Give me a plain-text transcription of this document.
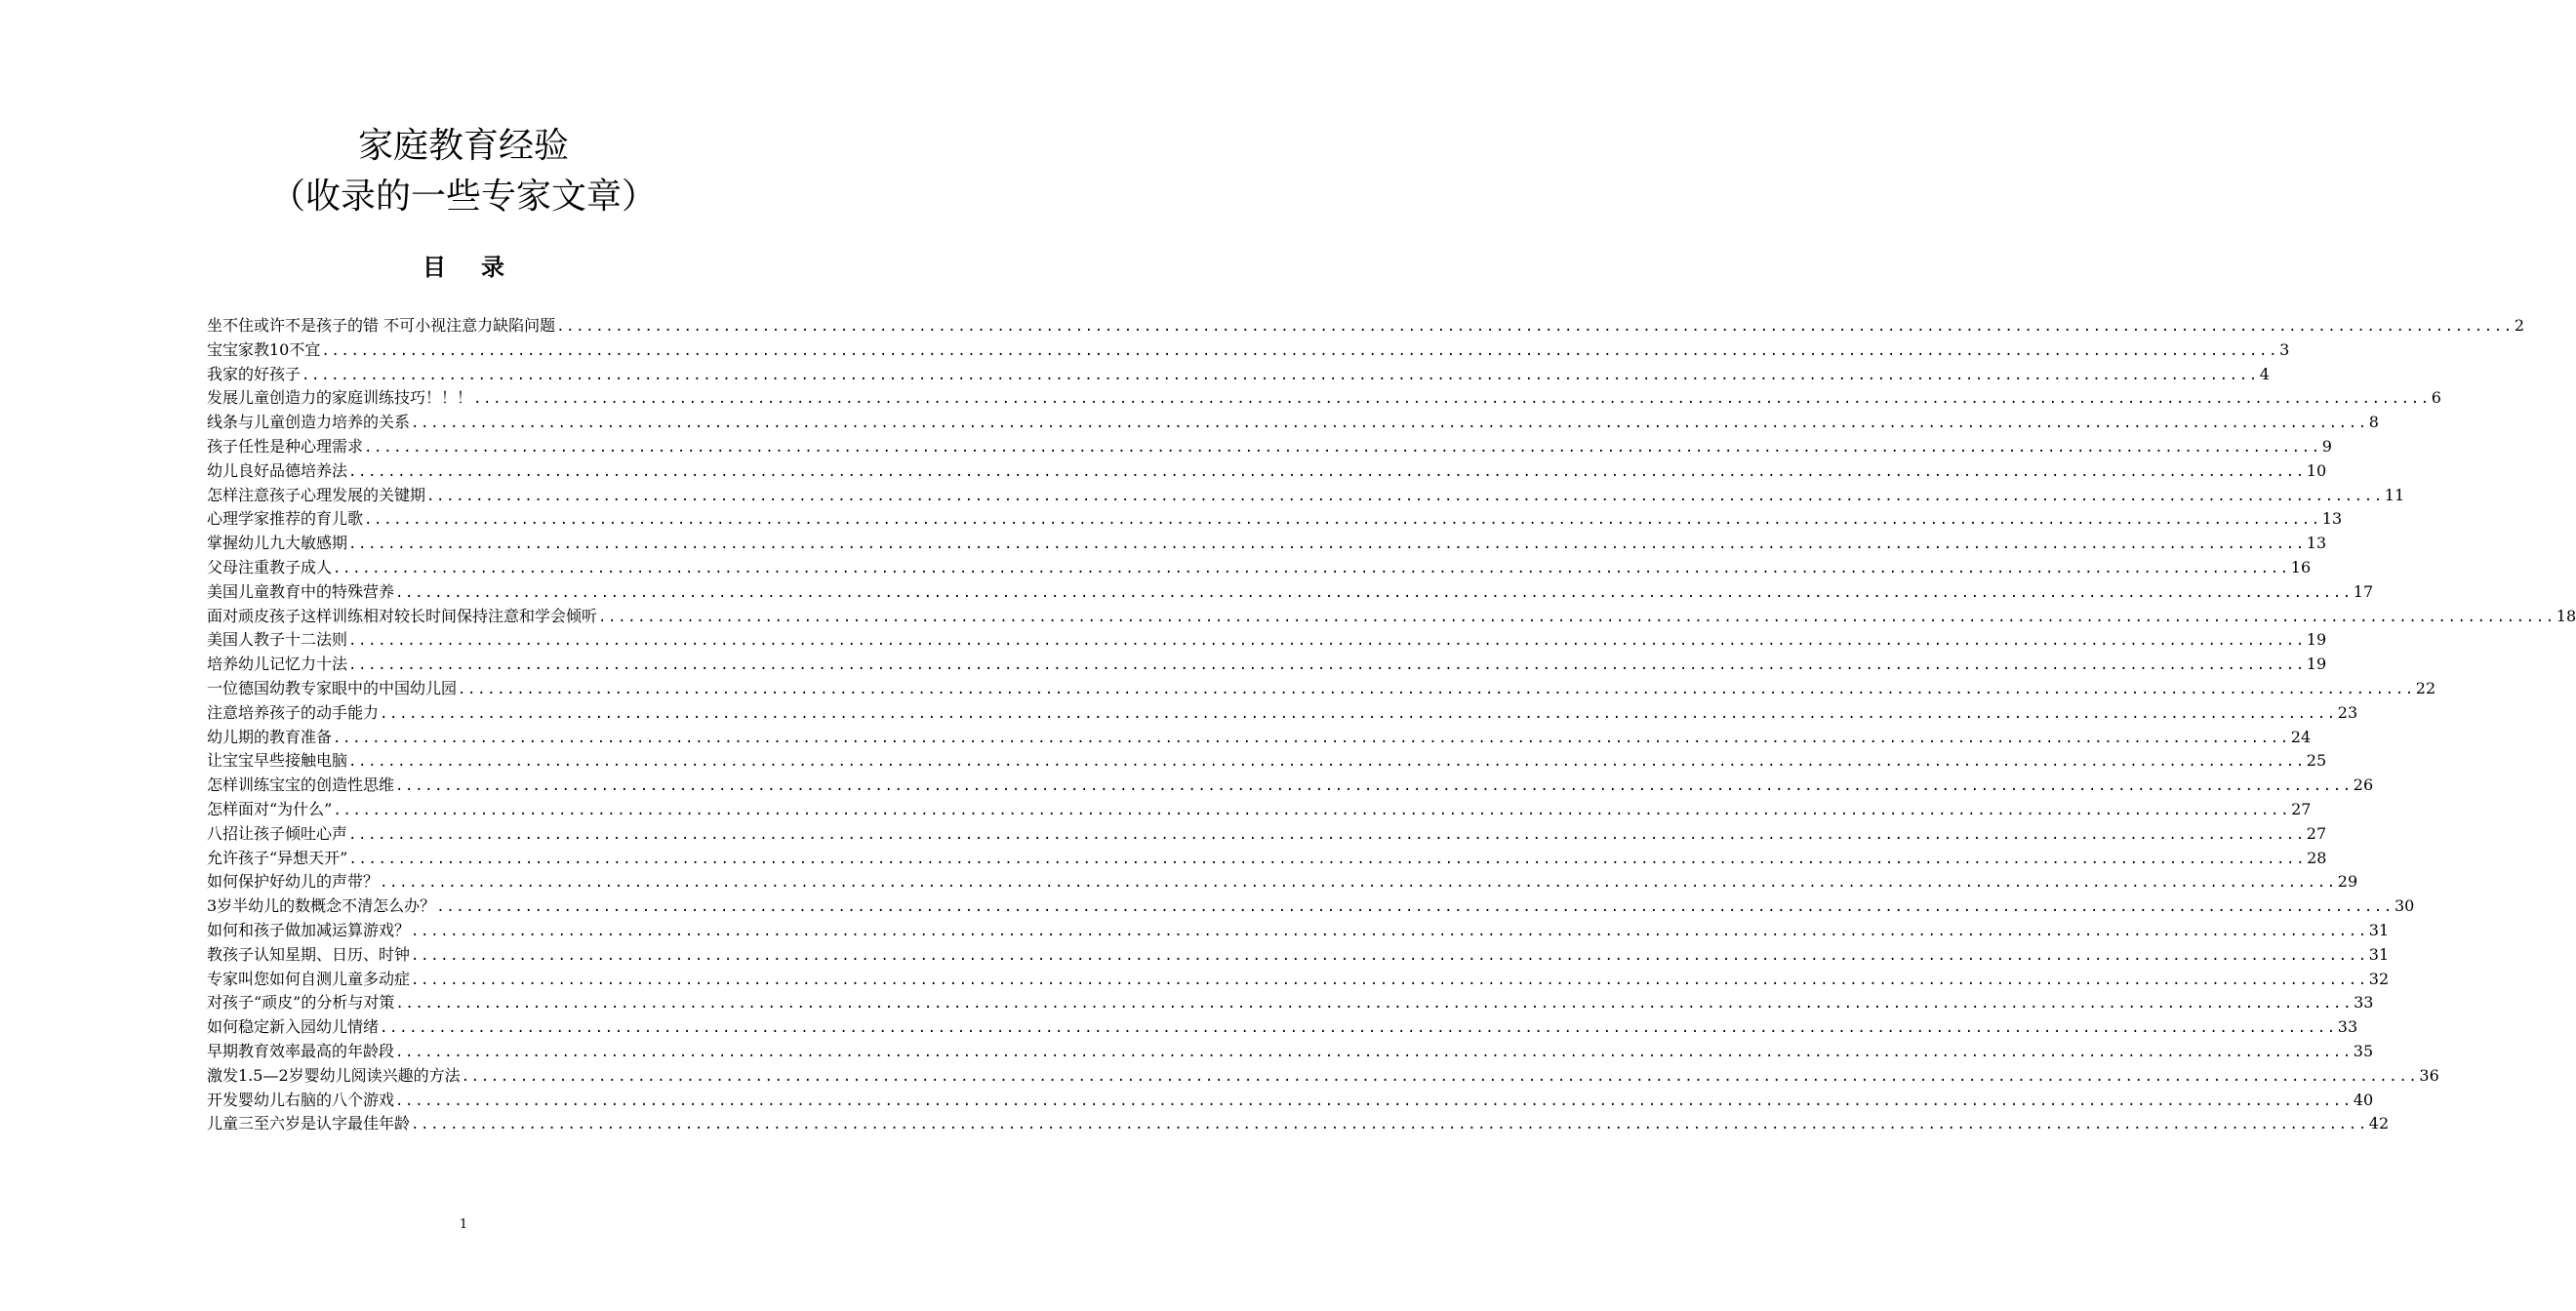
家庭教育经验
（收录的一些专家文章）
目录
坐不住或许不是孩子的错 不可小视注意力缺陷问题 ........................................................................................................................................................................................................ 2
宝宝家教10不宜 ........................................................................................................................................................................................................ 3
我家的好孩子 ........................................................................................................................................................................................................ 4
发展儿童创造力的家庭训练技巧！！！ ........................................................................................................................................................................................................ 6
线条与儿童创造力培养的关系 ........................................................................................................................................................................................................ 8
孩子任性是种心理需求 ........................................................................................................................................................................................................ 9
幼儿良好品德培养法 ........................................................................................................................................................................................................ 10
怎样注意孩子心理发展的关键期 ........................................................................................................................................................................................................ 11
心理学家推荐的育儿歌 ........................................................................................................................................................................................................ 13
掌握幼儿九大敏感期 ........................................................................................................................................................................................................ 13
父母注重教子成人 ........................................................................................................................................................................................................ 16
美国儿童教育中的特殊营养 ........................................................................................................................................................................................................ 17
面对顽皮孩子这样训练相对较长时间保持注意和学会倾听 ........................................................................................................................................................................................................ 18
美国人教子十二法则 ........................................................................................................................................................................................................ 19
培养幼儿记忆力十法 ........................................................................................................................................................................................................ 19
一位德国幼教专家眼中的中国幼儿园 ........................................................................................................................................................................................................ 22
注意培养孩子的动手能力 ........................................................................................................................................................................................................ 23
幼儿期的教育准备 ........................................................................................................................................................................................................ 24
让宝宝早些接触电脑 ........................................................................................................................................................................................................ 25
怎样训练宝宝的创造性思维 ........................................................................................................................................................................................................ 26
怎样面对“为什么” ........................................................................................................................................................................................................ 27
八招让孩子倾吐心声 ........................................................................................................................................................................................................ 27
允许孩子“异想天开” ........................................................................................................................................................................................................ 28
如何保护好幼儿的声带？ ........................................................................................................................................................................................................ 29
3岁半幼儿的数概念不清怎么办？ ........................................................................................................................................................................................................ 30
如何和孩子做加减运算游戏？ ........................................................................................................................................................................................................ 31
教孩子认知星期、日历、时钟 ........................................................................................................................................................................................................ 31
专家叫您如何自测儿童多动症 ........................................................................................................................................................................................................ 32
对孩子“顽皮”的分析与对策 ........................................................................................................................................................................................................ 33
如何稳定新入园幼儿情绪 ........................................................................................................................................................................................................ 33
早期教育效率最高的年龄段 ........................................................................................................................................................................................................ 35
激发1.5—2岁婴幼儿阅读兴趣的方法 ........................................................................................................................................................................................................ 36
开发婴幼儿右脑的八个游戏 ........................................................................................................................................................................................................ 40
儿童三至六岁是认字最佳年龄 ........................................................................................................................................................................................................ 42
1
